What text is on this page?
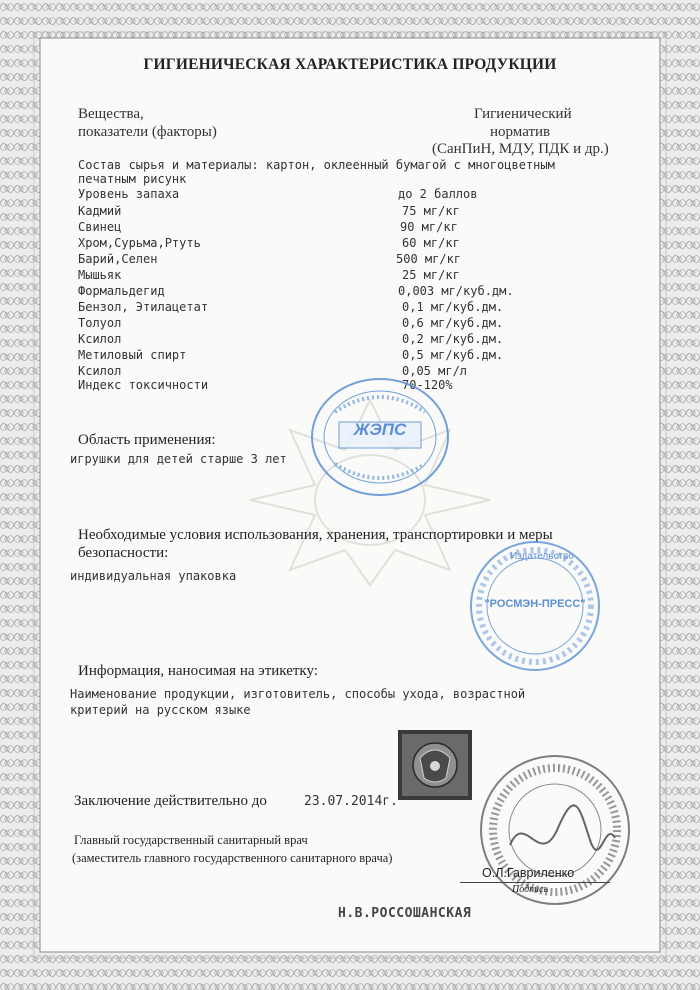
ГИГИЕНИЧЕСКАЯ ХАРАКТЕРИСТИКА ПРОДУКЦИИ
Вещества,
показатели (факторы)
Гигиенический
норматив
(СанПиН, МДУ, ПДК и др.)
Состав сырья и материалы: картон, оклеенный бумагой с многоцветным
печатным рисунк
Уровень запаха	до 2 баллов
Кадмий	75 мг/кг
Свинец	90 мг/кг
Хром,Сурьма,Ртуть	60 мг/кг
Барий,Селен	500 мг/кг
Мышьяк	25 мг/кг
Формальдегид	0,003 мг/куб.дм.
Бензол, Этилацетат	0,1 мг/куб.дм.
Толуол	0,6 мг/куб.дм.
Ксилол	0,2 мг/куб.дм.
Метиловый спирт	0,5 мг/куб.дм.
Ксилол	0,05 мг/л
Индекс токсичности	70-120%
ЖЭПС
Область применения:
игрушки для детей старше 3 лет
Необходимые условия использования, хранения, транспортировки и меры
безопасности:
индивидуальная упаковка
Издательство
"РОСМЭН-ПРЕСС"
Информация, наносимая на этикетку:
Наименование продукции, изготовитель, способы ухода, возрастной
критерий на русском языке
Заключение действительно до	23.07.2014г.
Главный государственный санитарный врач
(заместитель главного государственного санитарного врача)
О.Л.Гавриленко
Подпись
Н.В.РОССОШАНСКАЯ
